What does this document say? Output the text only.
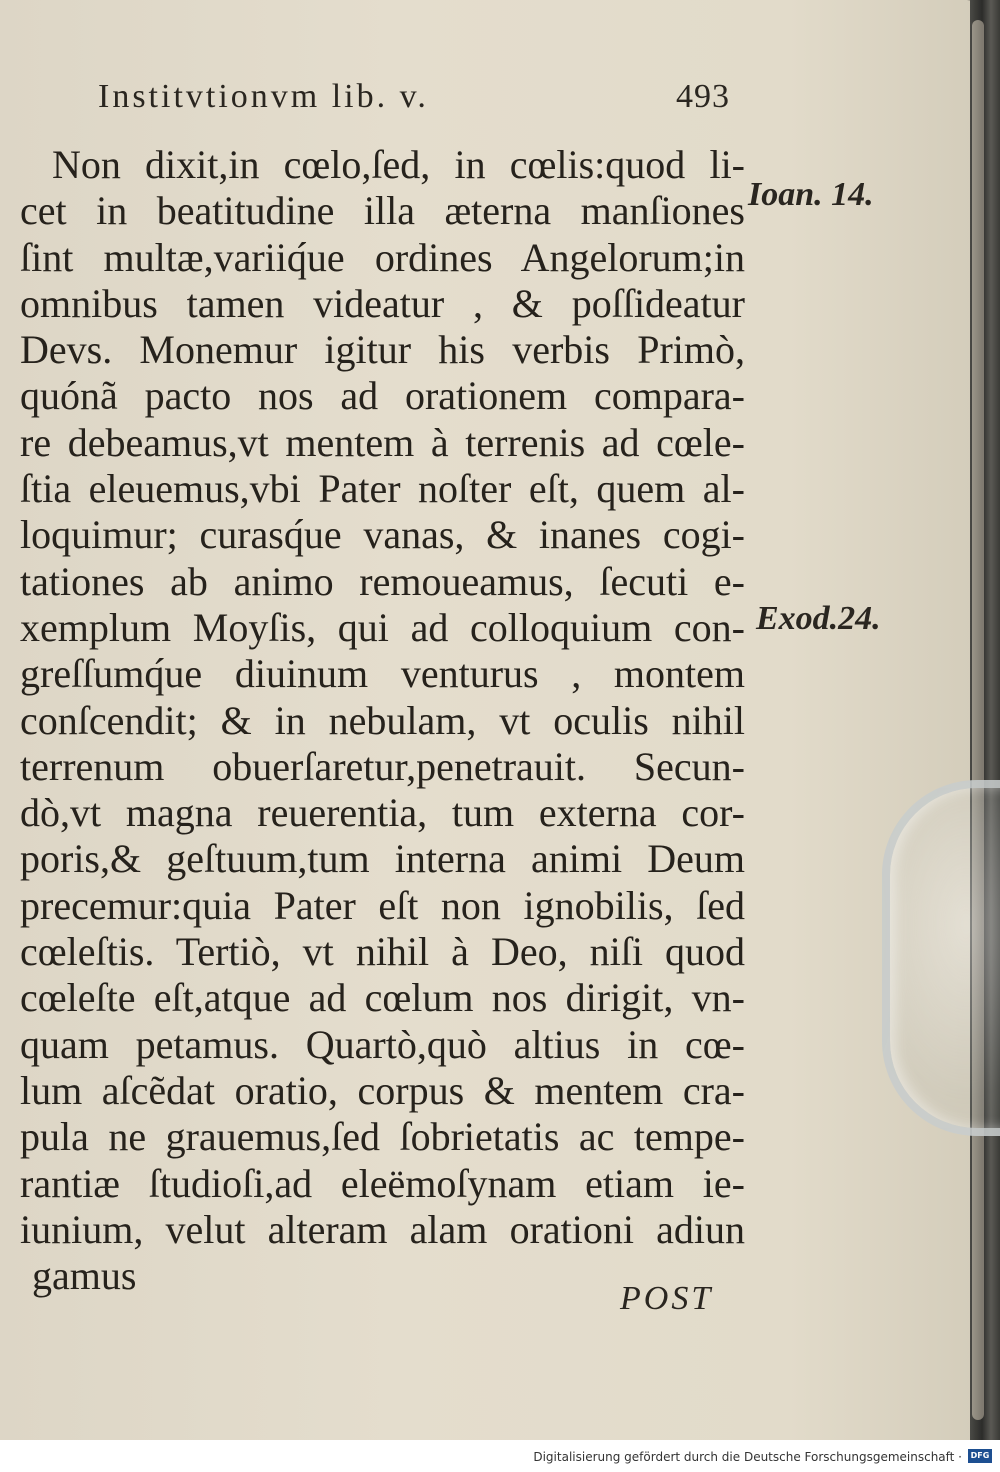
Institvtionvm lib. v.	493
Non dixit,in cœlo,ſed, in cœlis:quod li-
cet in beatitudine illa æterna manſiones
ſint multæ,variiq́ue ordines Angelorum;in
omnibus tamen videatur , & poſſideatur
Devs. Monemur igitur his verbis Primò,
quónã pacto nos ad orationem compara-
re debeamus,vt mentem à terrenis ad cœle-
ſtia eleuemus,vbi Pater noſter eſt, quem al-
loquimur; curasq́ue vanas, & inanes cogi-
tationes ab animo remoueamus, ſecuti e-
xemplum Moyſis, qui ad colloquium con-
greſſumq́ue diuinum venturus , montem
conſcendit; & in nebulam, vt oculis nihil
terrenum obuerſaretur,penetrauit. Secun-
dò,vt magna reuerentia, tum externa cor-
poris,& geſtuum,tum interna animi Deum
precemur:quia Pater eſt non ignobilis, ſed
cœleſtis. Tertiò, vt nihil à Deo, niſi quod
cœleſte eſt,atque ad cœlum nos dirigit, vn-
quam petamus. Quartò,quò altius in cœ-
lum aſcẽdat oratio, corpus & mentem cra-
pula ne grauemus,ſed ſobrietatis ac tempe-
rantiæ ſtudioſi,ad eleëmoſynam etiam ie-
iunium, velut alteram alam orationi adiun
gamus
Ioan. 14.
Exod.24.
POST
Digitalisierung gefördert durch die Deutsche Forschungsgemeinschaft ·	DFG
